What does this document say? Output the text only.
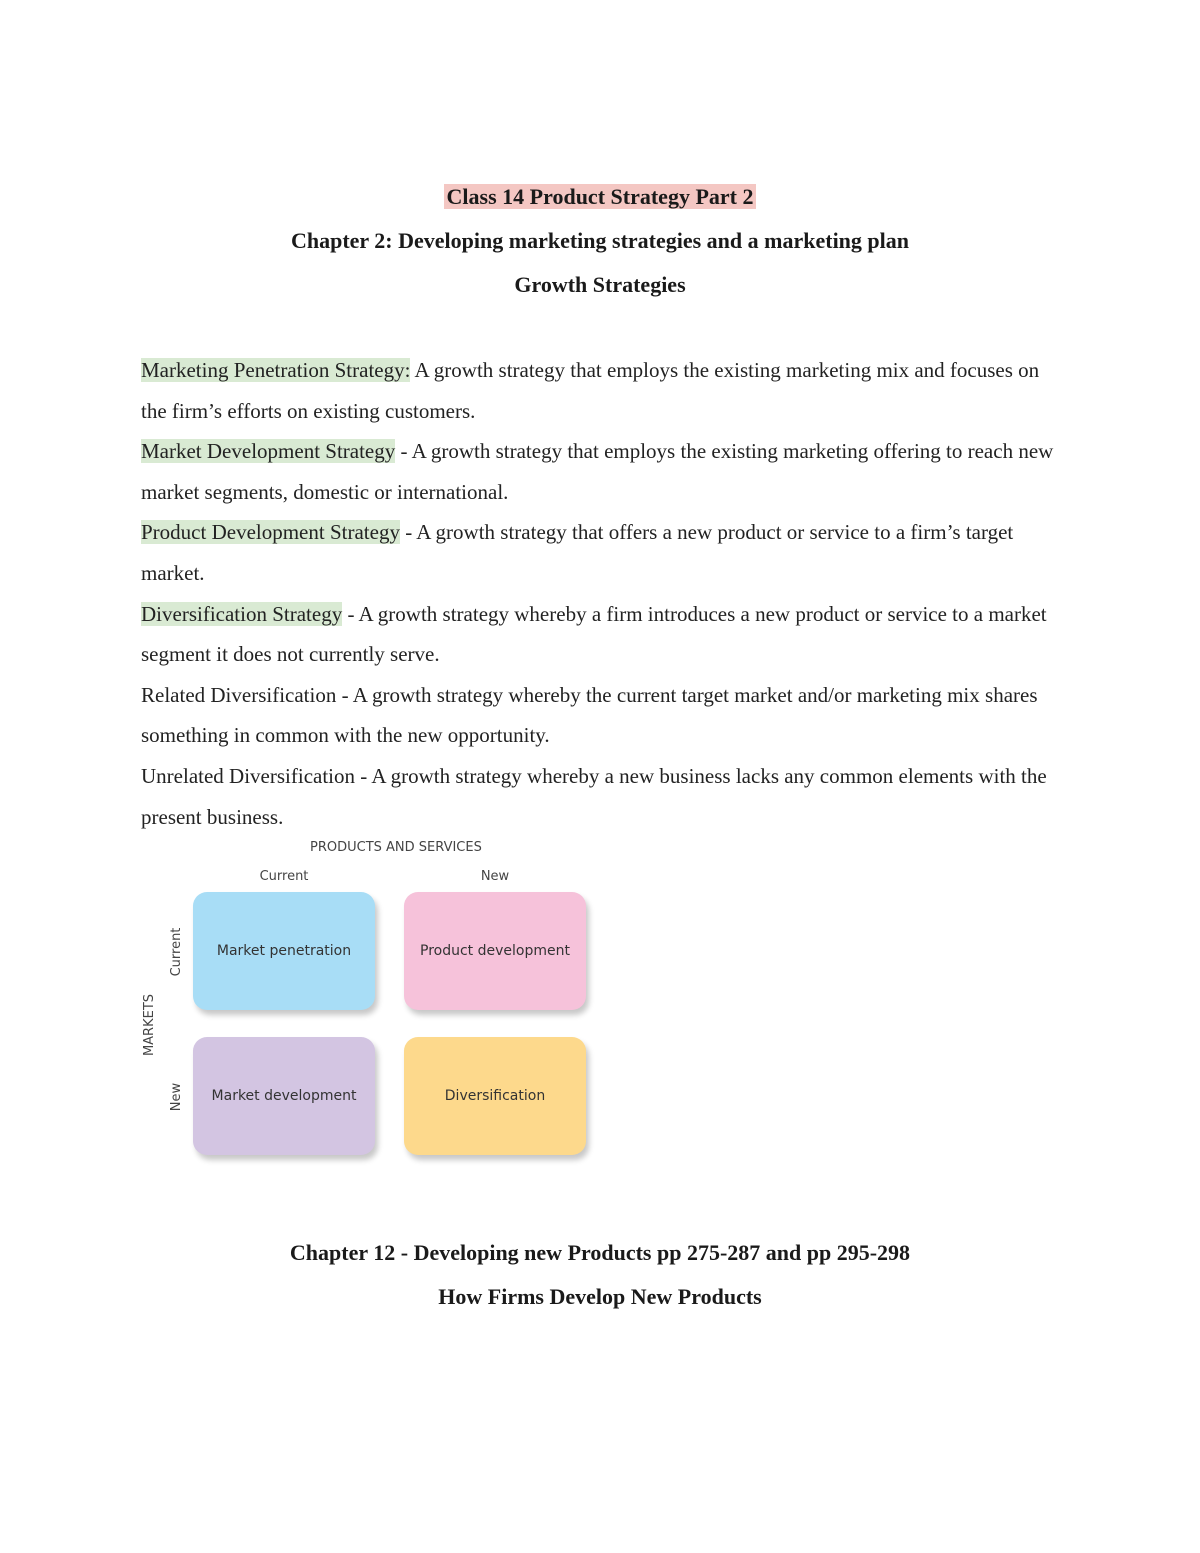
Class 14 Product Strategy Part 2
Chapter 2: Developing marketing strategies and a marketing plan
Growth Strategies

Marketing Penetration Strategy: A growth strategy that employs the existing marketing mix and focuses on the firm’s efforts on existing customers.

Market Development Strategy - A growth strategy that employs the existing marketing offering to reach new market segments, domestic or international.

Product Development Strategy - A growth strategy that offers a new product or service to a firm’s target market.

Diversification Strategy - A growth strategy whereby a firm introduces a new product or service to a market segment it does not currently serve.

Related Diversification - A growth strategy whereby the current target market and/or marketing mix shares something in common with the new opportunity.

Unrelated Diversification - A growth strategy whereby a new business lacks any common elements with the present business.

PRODUCTS AND SERVICES
Current	New
MARKETS
Current
New
Market penetration	Product development
Market development	Diversification
Chapter 12 - Developing new Products pp 275-287 and pp 295-298
How Firms Develop New Products
